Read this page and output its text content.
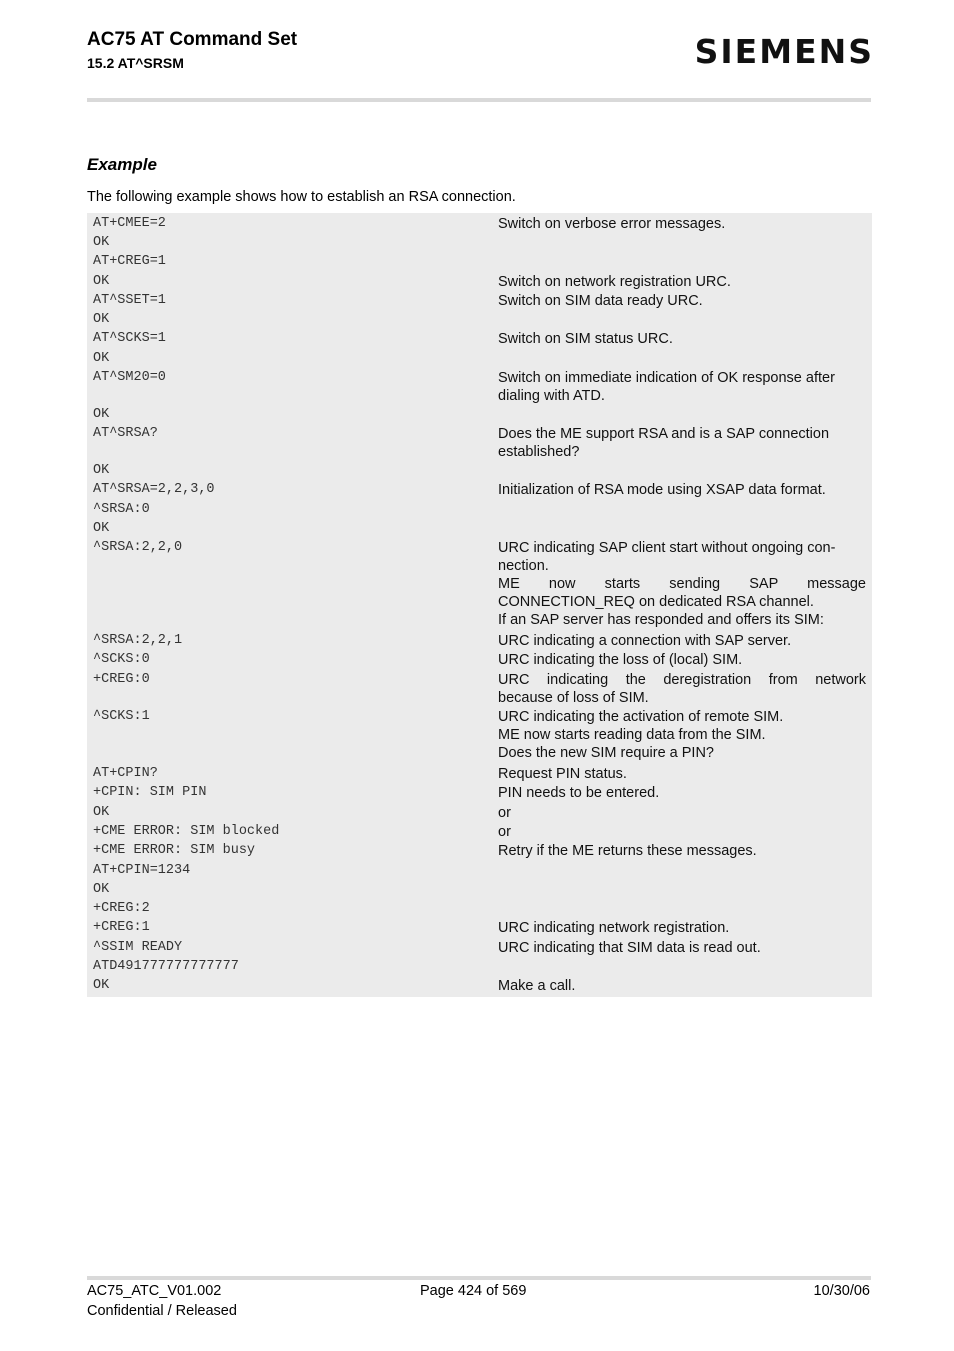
AC75 AT Command Set
15.2 AT^SRSM	SIEMENS
Example
The following example shows how to establish an RSA connection.
AT+CMEE=2	Switch on verbose error messages.
OK
AT+CREG=1
OK	Switch on network registration URC.
AT^SSET=1	Switch on SIM data ready URC.
OK
AT^SCKS=1	Switch on SIM status URC.
OK
AT^SM20=0	Switch on immediate indication of OK response after
dialing with ATD.
OK
AT^SRSA?	Does the ME support RSA and is a SAP connection
established?
OK
AT^SRSA=2,2,3,0	Initialization of RSA mode using XSAP data format.
^SRSA:0
OK
^SRSA:2,2,0	URC indicating SAP client start without ongoing con-
nection.
ME now starts sending SAP message
CONNECTION_REQ on dedicated RSA channel.
If an SAP server has responded and offers its SIM:
^SRSA:2,2,1	URC indicating a connection with SAP server.
^SCKS:0	URC indicating the loss of (local) SIM.
+CREG:0	URC indicating the deregistration from network
because of loss of SIM.
^SCKS:1	URC indicating the activation of remote SIM.
ME now starts reading data from the SIM.
Does the new SIM require a PIN?
AT+CPIN?	Request PIN status.
+CPIN: SIM PIN	PIN needs to be entered.
OK	or
+CME ERROR: SIM blocked	or
+CME ERROR: SIM busy	Retry if the ME returns these messages.
AT+CPIN=1234
OK
+CREG:2
+CREG:1	URC indicating network registration.
^SSIM READY	URC indicating that SIM data is read out.
ATD491777777777777
OK	Make a call.
AC75_ATC_V01.002
Confidential / Released
Page 424 of 569	10/30/06
